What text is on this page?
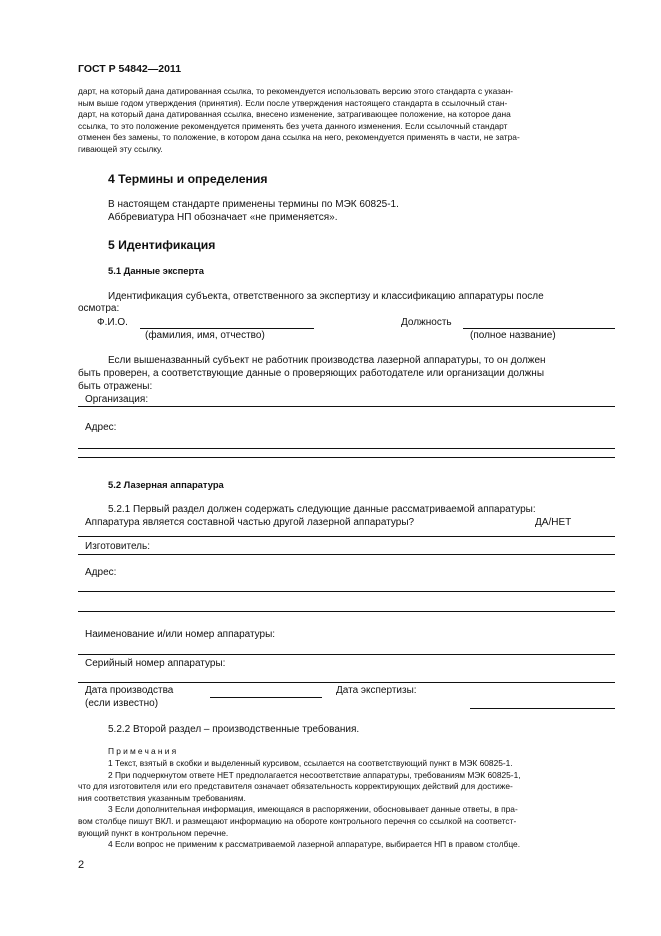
ГОСТ Р 54842—2011
дарт, на который дана датированная ссылка, то рекомендуется использовать версию этого стандарта с указан-
ным выше годом утверждения (принятия). Если после утверждения настоящего стандарта в ссылочный стан-
дарт, на который дана датированная ссылка, внесено изменение, затрагивающее положение, на которое дана
ссылка, то это положение рекомендуется применять без учета данного изменения. Если ссылочный стандарт
отменен без замены, то положение, в котором дана ссылка на него, рекомендуется применять в части, не затра-
гивающей эту ссылку.
4 Термины и определения
В настоящем стандарте применены термины по МЭК 60825-1.
Аббревиатура НП обозначает «не применяется».
5 Идентификация
5.1 Данные эксперта
Идентификация субъекта, ответственного за экспертизу и классификацию аппаратуры после
осмотра:
Ф.И.О.
(фамилия, имя, отчество)
Должность
(полное название)
Если вышеназванный субъект не работник производства лазерной аппаратуры, то он должен
быть проверен, а соответствующие данные о проверяющих работодателе или организации должны
быть отражены:
Организация:
Адрес:
5.2 Лазерная аппаратура
5.2.1 Первый раздел должен содержать следующие данные рассматриваемой аппаратуры:
Аппаратура является составной частью другой лазерной аппаратуры?	ДА/НЕТ
Изготовитель:
Адрес:
Наименование и/или номер аппаратуры:
Серийный номер аппаратуры:
Дата производства
(если известно)
Дата экспертизы:
5.2.2 Второй раздел – производственные требования.
Примечания

1 Текст, взятый в скобки и выделенный курсивом, ссылается на соответствующий пункт в МЭК 60825-1.

2 При подчеркнутом ответе НЕТ предполагается несоответствие аппаратуры, требованиям МЭК 60825-1,

что для изготовителя или его представителя означает обязательность корректирующих действий для достиже-

ния соответствия указанным требованиям.

3 Если дополнительная информация, имеющаяся в распоряжении, обосновывает данные ответы, в пра-

вом столбце пишут ВКЛ. и размещают информацию на обороте контрольного перечня со ссылкой на соответст-

вующий пункт в контрольном перечне.

4 Если вопрос не применим к рассматриваемой лазерной аппаратуре, выбирается НП в правом столбце.

2
